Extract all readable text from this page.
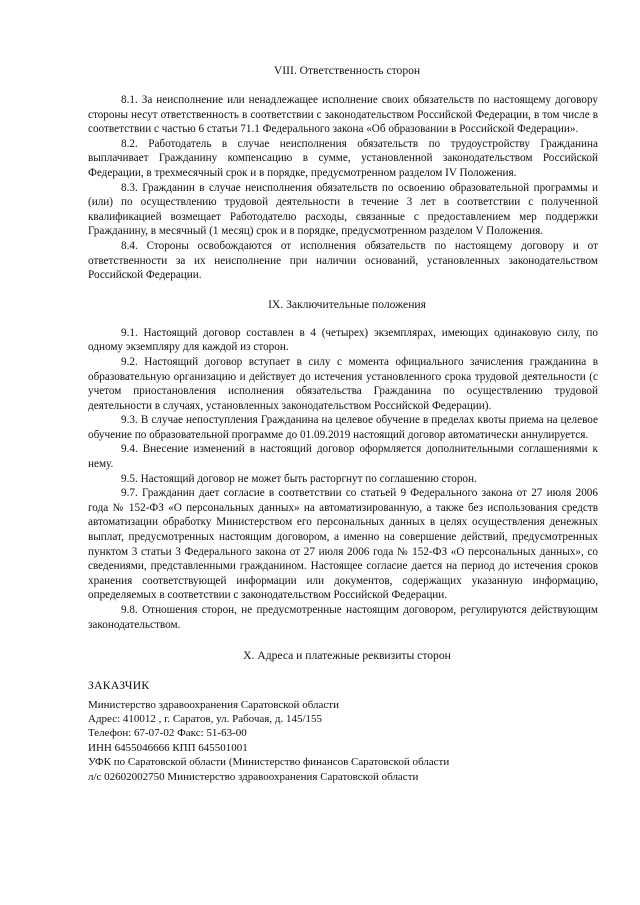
VIII. Ответственность сторон

8.1. За неисполнение или ненадлежащее исполнение своих обязательств по настоящему договору стороны несут ответственность в соответствии с законодательством Российской Федерации, в том числе в соответствии с частью 6 статьи 71.1 Федерального закона «Об образовании в Российской Федерации».

8.2. Работодатель в случае неисполнения обязательств по трудоустройству Гражданина выплачивает Гражданину компенсацию в сумме, установленной законодательством Российской Федерации, в трехмесячный срок и в порядке, предусмотренном разделом IV Положения.

8.3. Гражданин в случае неисполнения обязательств по освоению образовательной программы и (или) по осуществлению трудовой деятельности в течение 3 лет в соответствии с полученной квалификацией возмещает Работодателю расходы, связанные с предоставлением мер поддержки Гражданину, в месячный (1 месяц) срок и в порядке, предусмотренном разделом V Положения.

8.4. Стороны освобождаются от исполнения обязательств по настоящему договору и от ответственности за их неисполнение при наличии оснований, установленных законодательством Российской Федерации.

IX. Заключительные положения

9.1. Настоящий договор составлен в 4 (четырех) экземплярах, имеющих одинаковую силу, по одному экземпляру для каждой из сторон.

9.2. Настоящий договор вступает в силу с момента официального зачисления гражданина в образовательную организацию и действует до истечения установленного срока трудовой деятельности (с учетом приостановления исполнения обязательства Гражданина по осуществлению трудовой деятельности в случаях, установленных законодательством Российской Федерации).

9.3. В случае непоступления Гражданина на целевое обучение в пределах квоты приема на целевое обучение по образовательной программе до 01.09.2019 настоящий договор автоматически аннулируется.

9.4. Внесение изменений в настоящий договор оформляется дополнительными соглашениями к нему.

9.5. Настоящий договор не может быть расторгнут по соглашению сторон.

9.7. Гражданин дает согласие в соответствии со статьей 9 Федерального закона от 27 июля 2006 года № 152-ФЗ «О персональных данных» на автоматизированную, а также без использования средств автоматизации обработку Министерством его персональных данных в целях осуществления денежных выплат, предусмотренных настоящим договором, а именно на совершение действий, предусмотренных пунктом 3 статьи 3 Федерального закона от 27 июля 2006 года № 152-ФЗ «О персональных данных», со сведениями, представленными гражданином. Настоящее согласие дается на период до истечения сроков хранения соответствующей информации или документов, содержащих указанную информацию, определяемых в соответствии с законодательством Российской Федерации.

9.8. Отношения сторон, не предусмотренные настоящим договором, регулируются действующим законодательством.

X. Адреса и платежные реквизиты сторон

ЗАКАЗЧИК
Министерство здравоохранения Саратовской области
Адрес: 410012 , г. Саратов, ул. Рабочая, д. 145/155
Телефон: 67-07-02 Факс: 51-63-00
ИНН 6455046666 КПП 645501001
УФК по Саратовской области (Министерство финансов Саратовской области
л/с 02602002750 Министерство здравоохранения Саратовской области
